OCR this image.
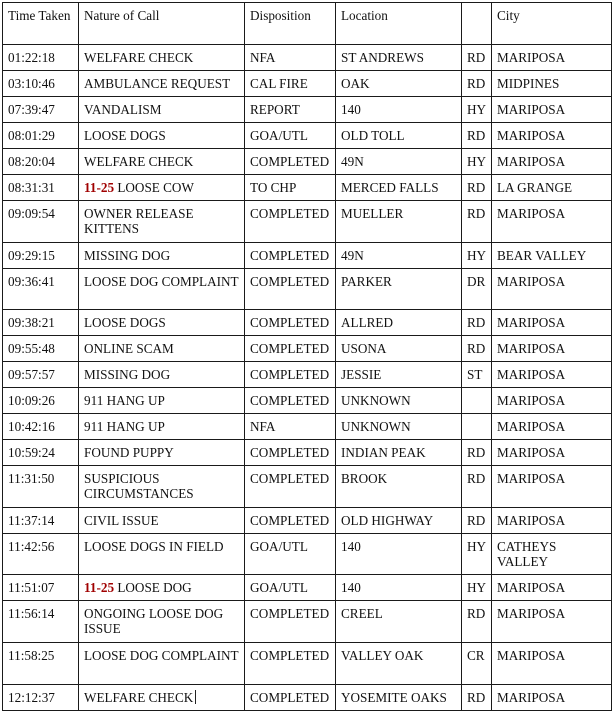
Time Taken	Nature of Call	Disposition	Location		City
01:22:18	WELFARE CHECK	NFA	ST ANDREWS	RD	MARIPOSA
03:10:46	AMBULANCE REQUEST	CAL FIRE	OAK	RD	MIDPINES
07:39:47	VANDALISM	REPORT	140	HY	MARIPOSA
08:01:29	LOOSE DOGS	GOA/UTL	OLD TOLL	RD	MARIPOSA
08:20:04	WELFARE CHECK	COMPLETED	49N	HY	MARIPOSA
08:31:31	11-25 LOOSE COW	TO CHP	MERCED FALLS	RD	LA GRANGE
09:09:54	OWNER RELEASE KITTENS	COMPLETED	MUELLER	RD	MARIPOSA
09:29:15	MISSING DOG	COMPLETED	49N	HY	BEAR VALLEY
09:36:41	LOOSE DOG COMPLAINT	COMPLETED	PARKER	DR	MARIPOSA
09:38:21	LOOSE DOGS	COMPLETED	ALLRED	RD	MARIPOSA
09:55:48	ONLINE SCAM	COMPLETED	USONA	RD	MARIPOSA
09:57:57	MISSING DOG	COMPLETED	JESSIE	ST	MARIPOSA
10:09:26	911 HANG UP	COMPLETED	UNKNOWN		MARIPOSA
10:42:16	911 HANG UP	NFA	UNKNOWN		MARIPOSA
10:59:24	FOUND PUPPY	COMPLETED	INDIAN PEAK	RD	MARIPOSA
11:31:50	SUSPICIOUS CIRCUMSTANCES	COMPLETED	BROOK	RD	MARIPOSA
11:37:14	CIVIL ISSUE	COMPLETED	OLD HIGHWAY	RD	MARIPOSA
11:42:56	LOOSE DOGS IN FIELD	GOA/UTL	140	HY	CATHEYS VALLEY
11:51:07	11-25 LOOSE DOG	GOA/UTL	140	HY	MARIPOSA
11:56:14	ONGOING LOOSE DOG ISSUE	COMPLETED	CREEL	RD	MARIPOSA
11:58:25	LOOSE DOG COMPLAINT	COMPLETED	VALLEY OAK	CR	MARIPOSA
12:12:37	WELFARE CHECK	COMPLETED	YOSEMITE OAKS	RD	MARIPOSA
